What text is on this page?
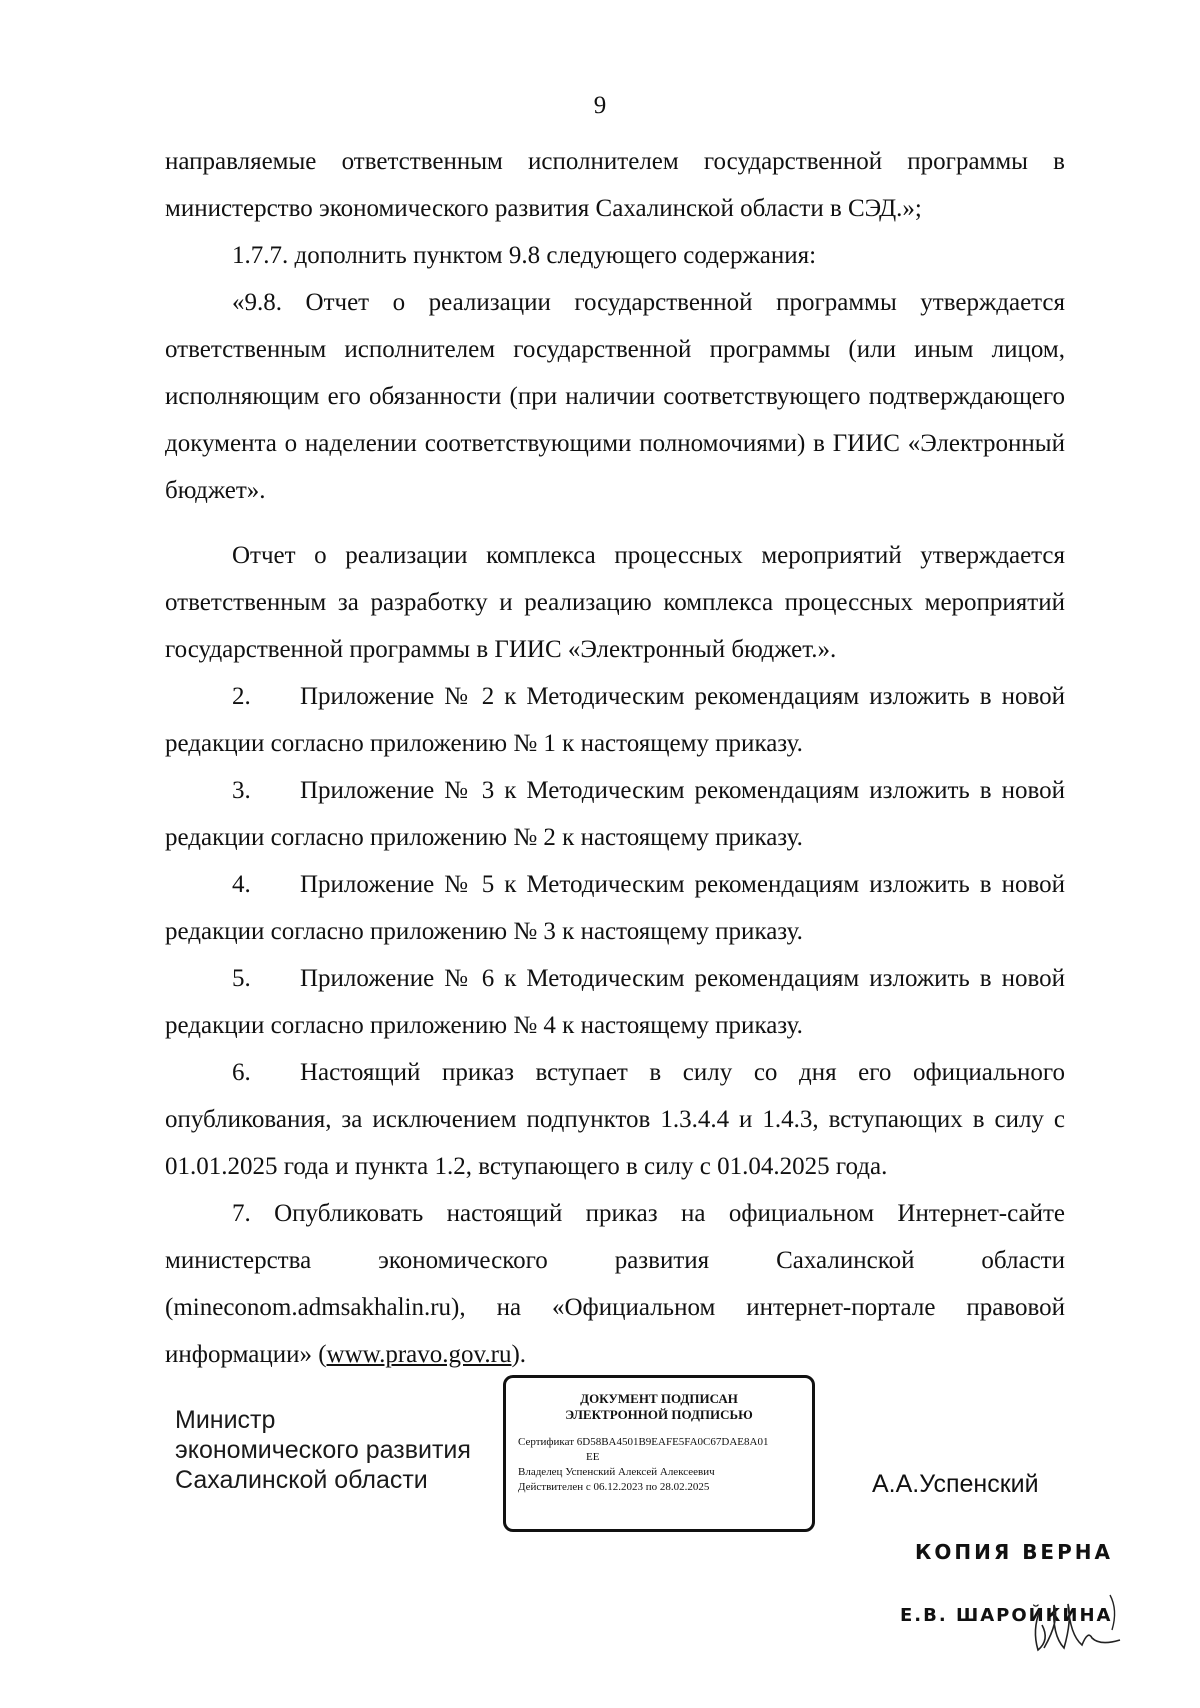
9

направляемые ответственным исполнителем государственной программы в министерство экономического развития Сахалинской области в СЭД.»;

1.7.7. дополнить пунктом 9.8 следующего содержания:

«9.8. Отчет о реализации государственной программы утверждается ответственным исполнителем государственной программы (или иным лицом, исполняющим его обязанности (при наличии соответствующего подтверждающего документа о наделении соответствующими полномочиями) в ГИИС «Электронный бюджет».

Отчет о реализации комплекса процессных мероприятий утверждается ответственным за разработку и реализацию комплекса процессных мероприятий государственной программы в ГИИС «Электронный бюджет.».

2. Приложение № 2 к Методическим рекомендациям изложить в новой редакции согласно приложению № 1 к настоящему приказу.

3. Приложение № 3 к Методическим рекомендациям изложить в новой редакции согласно приложению № 2 к настоящему приказу.

4. Приложение № 5 к Методическим рекомендациям изложить в новой редакции согласно приложению № 3 к настоящему приказу.

5. Приложение № 6 к Методическим рекомендациям изложить в новой редакции согласно приложению № 4 к настоящему приказу.

6. Настоящий приказ вступает в силу со дня его официального опубликования, за исключением подпунктов 1.3.4.4 и 1.4.3, вступающих в силу с 01.01.2025 года и пункта 1.2, вступающего в силу с 01.04.2025 года.

7. Опубликовать настоящий приказ на официальном Интернет-сайте министерства экономического развития Сахалинской области (mineconom.admsakhalin.ru), на «Официальном интернет-портале правовой информации» (www.pravo.gov.ru).

Министр
экономического развития
Сахалинской области
ДОКУМЕНТ ПОДПИСАН
ЭЛЕКТРОННОЙ ПОДПИСЬЮ
Сертификат 6D58BA4501B9EAFE5FA0C67DAE8A01
EE
Владелец Успенский Алексей Алексеевич
Действителен с 06.12.2023 по 28.02.2025	А.А.Успенский
КОПИЯ ВЕРНА
Е.В. ШАРОЙКИНА
